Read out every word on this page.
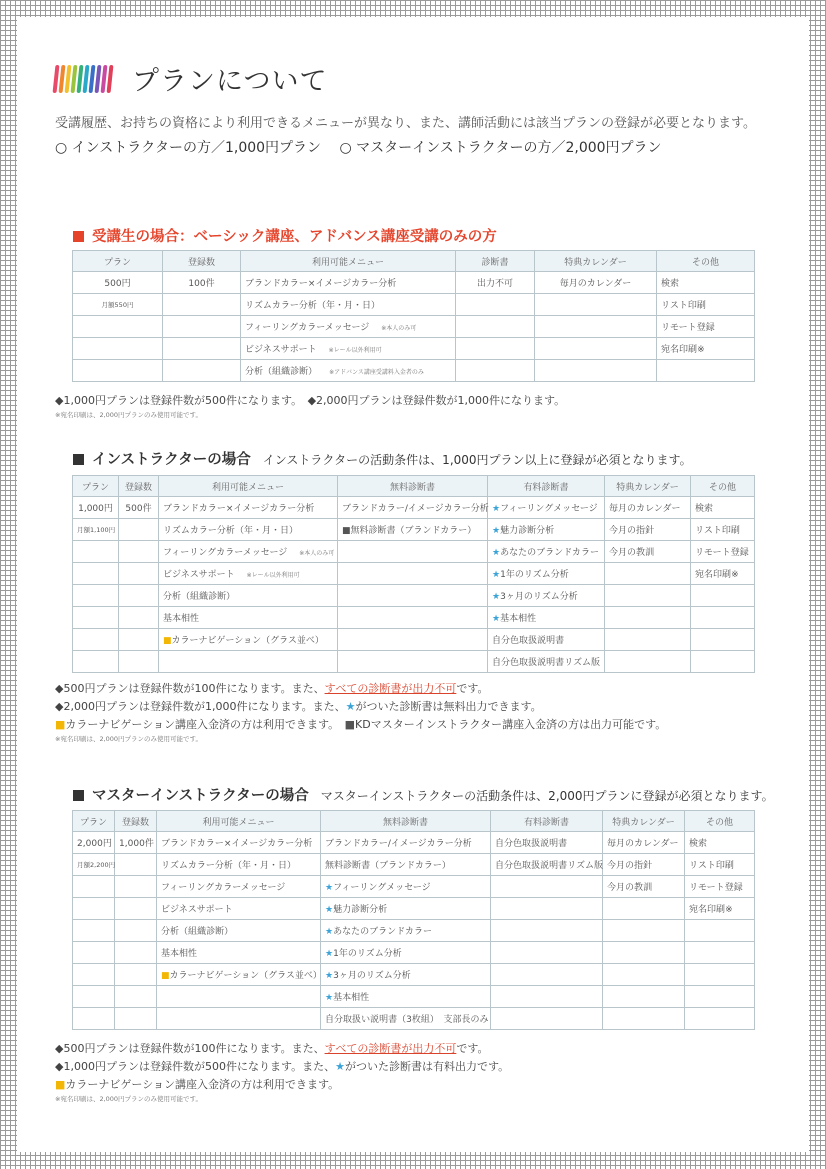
プランについて

受講履歴、お持ちの資格により利用できるメニューが異なり、また、講師活動には該当プランの登録が必要となります。

○ インストラクターの方／1,000円プラン ○ マスターインストラクターの方／2,000円プラン

受講生の場合：ベーシック講座、アドバンス講座受講のみの方
プラン	登録数	利用可能メニュー	診断書	特典カレンダー	その他
500円	100件	ブランドカラー×イメージカラー分析	出力不可	毎月のカレンダー	検索
月額550円		リズムカラー分析（年・月・日）			リスト印刷
		フィーリングカラーメッセージ ※本人のみ可			リモート登録
		ビジネスサポート ※レール以外利用可			宛名印刷※
		分析（組織診断） ※アドバンス講座受講料入金者のみ			

◆1,000円プランは登録件数が500件になります。　◆2,000円プランは登録件数が1,000件になります。

※宛名印刷は、2,000円プランのみ使用可能です。

インストラクターの場合 インストラクターの活動条件は、1,000円プラン以上に登録が必須となります。
プラン	登録数	利用可能メニュー	無料診断書	有料診断書	特典カレンダー	その他
1,000円	500件	ブランドカラー×イメージカラー分析	ブランドカラー/イメージカラー分析	★フィーリングメッセージ	毎月のカレンダー	検索
月額1,100円		リズムカラー分析（年・月・日）	■無料診断書（ブランドカラー）	★魅力診断分析	今月の指針	リスト印刷
		フィーリングカラーメッセージ ※本人のみ可		★あなたのブランドカラー	今月の教訓	リモート登録
		ビジネスサポート ※レール以外利用可		★1年のリズム分析		宛名印刷※
		分析（組織診断）		★3ヶ月のリズム分析		
		基本相性		★基本相性		
		■カラーナビゲーション（グラス並べ）		自分色取扱説明書		
				自分色取扱説明書リズム版		

◆500円プランは登録件数が100件になります。また、すべての診断書が出力不可です。

◆2,000円プランは登録件数が1,000件になります。また、★がついた診断書は無料出力できます。

■カラーナビゲーション講座入金済の方は利用できます。　 ■KDマスターインストラクター講座入金済の方は出力可能です。

※宛名印刷は、2,000円プランのみ使用可能です。

マスターインストラクターの場合 マスターインストラクターの活動条件は、2,000円プランに登録が必須となります。
プラン	登録数	利用可能メニュー	無料診断書	有料診断書	特典カレンダー	その他
2,000円	1,000件	ブランドカラー×イメージカラー分析	ブランドカラー/イメージカラー分析	自分色取扱説明書	毎月のカレンダー	検索
月額2,200円		リズムカラー分析（年・月・日）	無料診断書（ブランドカラー）	自分色取扱説明書リズム版	今月の指針	リスト印刷
		フィーリングカラーメッセージ	★フィーリングメッセージ		今月の教訓	リモート登録
		ビジネスサポート	★魅力診断分析			宛名印刷※
		分析（組織診断）	★あなたのブランドカラー			
		基本相性	★1年のリズム分析			
		■カラーナビゲーション（グラス並べ）	★3ヶ月のリズム分析			
			★基本相性			
			自分取扱い説明書（3枚組）　 支部長のみ			

◆500円プランは登録件数が100件になります。また、すべての診断書が出力不可です。

◆1,000円プランは登録件数が500件になります。また、★がついた診断書は有料出力です。

■カラーナビゲーション講座入金済の方は利用できます。

※宛名印刷は、2,000円プランのみ使用可能です。
